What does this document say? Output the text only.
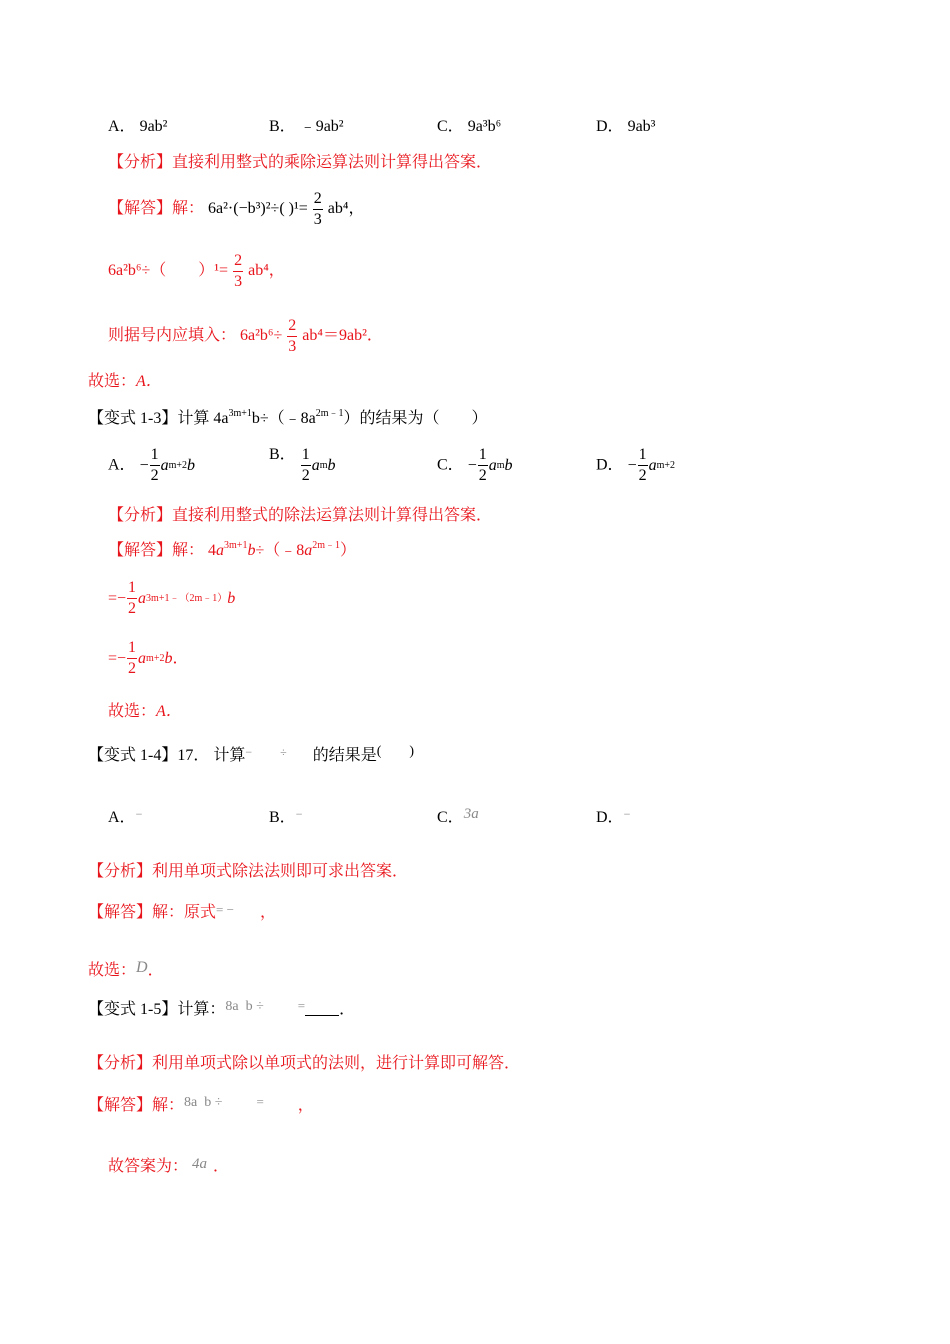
A． 9ab²	B． ﹣9ab²	C． 9a³b⁶	D． 9ab³
【分析】直接利用整式的乘除运算法则计算得出答案．
【解答】解： 6a²·(−b³)²÷( )$^1= \frac{2}{3} ab^4$，
6a²b⁶÷（　　）$^1= \frac{2}{3} ab^4$，
则据号内应填入： $6a^2b^6\div \frac{2}{3} ab^4=9ab^2$．
故选：A．
【变式 1-3】计算 $4a^{3m+1}b\div(﹣8a^{2m﹣1})$的结果为（　　）
A． − $\frac{1}{2}$ a m+2 b
B． $\frac{1}{2}$ a m b	C． − $\frac{1}{2}$ a m b	D． − $\frac{1}{2}$ a m+2
【分析】直接利用整式的除法运算法则计算得出答案．
【解答】解： $4a^{3m+1}b\div(﹣8a^{2m﹣1})$
=− $\frac{1}{2}$ a 3m+1﹣（2m﹣1） b
=− $\frac{1}{2}$ a m+2 b ．
故选：A．
【变式 1-4】17． 计算− ÷ 的结果是(　　)
A．−	B．−	C．3a	D．−
【分析】利用单项式除法法则即可求出答案．
【解答】解：原式= − ，
故选：D．
【变式 1-5】计算：8a  b ÷	= ．
【分析】利用单项式除以单项式的法则，进行计算即可解答．
【解答】解：8a  b ÷	= ，
故答案为： 4a ．
